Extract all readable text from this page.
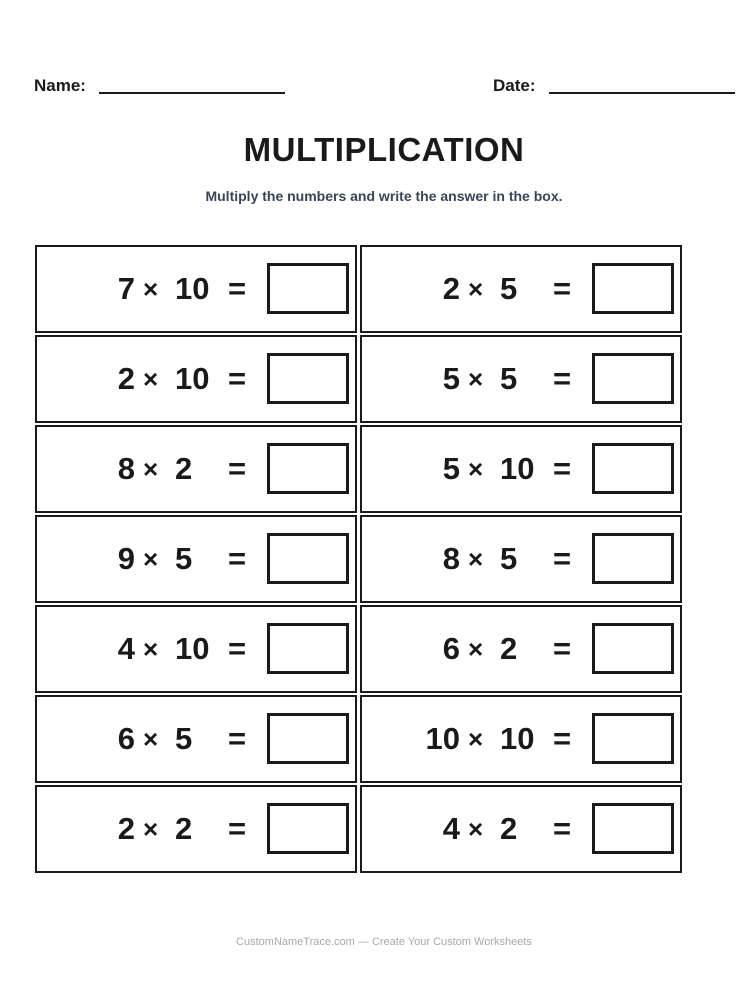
Name:	Date:
MULTIPLICATION
Multiply the numbers and write the answer in the box.
7 × 10 =	2 × 5 =
2 × 10 =	5 × 5 =
8 × 2 =	5 × 10 =
9 × 5 =	8 × 5 =
4 × 10 =	6 × 2 =
6 × 5 =	10 × 10 =
2 × 2 =	4 × 2 =
CustomNameTrace.com — Create Your Custom Worksheets
